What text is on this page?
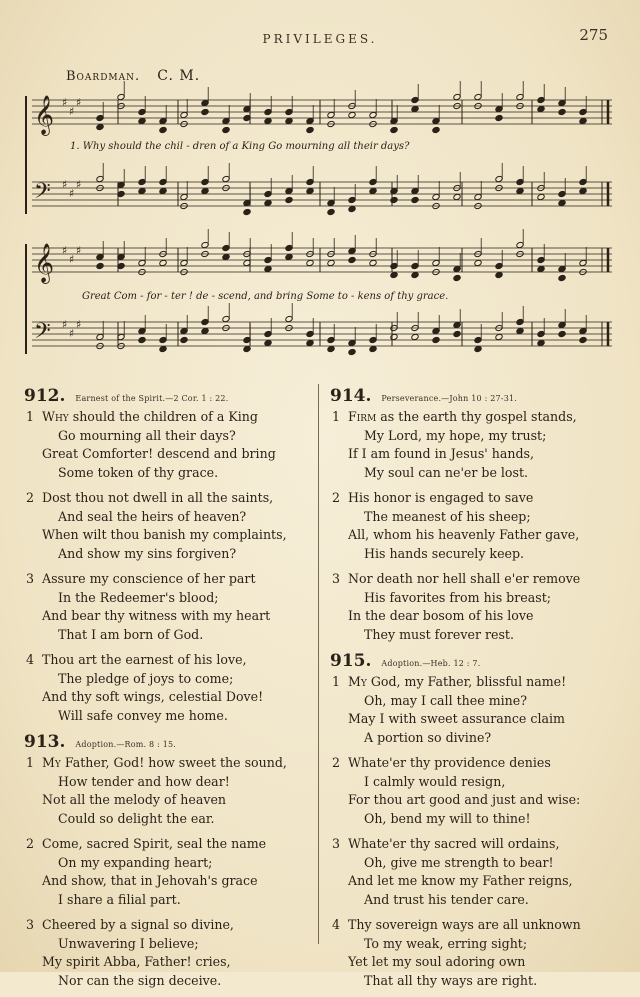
PRIVILEGES.	275
Boardman. C. M.
𝄞 ♯
♯
♯
𝄢 ♯
♯
♯
𝄞 ♯
♯
♯
𝄢 ♯
♯
♯
1. Why should the chil - dren of a King Go mourning all their days?
Great Com - for - ter ! de - scend, and bring Some to - kens of thy grace.
912. Earnest of the Spirit.—2 Cor. 1 : 22.
1 Why should the children of a King
Go mourning all their days?
Great Comforter! descend and bring
Some token of thy grace.
2 Dost thou not dwell in all the saints,
And seal the heirs of heaven?
When wilt thou banish my complaints,
And show my sins forgiven?
3 Assure my conscience of her part
In the Redeemer's blood;
And bear thy witness with my heart
That I am born of God.
4 Thou art the earnest of his love,
The pledge of joys to come;
And thy soft wings, celestial Dove!
Will safe convey me home.
913. Adoption.—Rom. 8 : 15.
1 My Father, God! how sweet the sound,
How tender and how dear!
Not all the melody of heaven
Could so delight the ear.
2 Come, sacred Spirit, seal the name
On my expanding heart;
And show, that in Jehovah's grace
I share a filial part.
3 Cheered by a signal so divine,
Unwavering I believe;
My spirit Abba, Father! cries,
Nor can the sign deceive.
914. Perseverance.—John 10 : 27-31.
1 Firm as the earth thy gospel stands,
My Lord, my hope, my trust;
If I am found in Jesus' hands,
My soul can ne'er be lost.
2 His honor is engaged to save
The meanest of his sheep;
All, whom his heavenly Father gave,
His hands securely keep.
3 Nor death nor hell shall e'er remove
His favorites from his breast;
In the dear bosom of his love
They must forever rest.
915. Adoption.—Heb. 12 : 7.
1 My God, my Father, blissful name!
Oh, may I call thee mine?
May I with sweet assurance claim
A portion so divine?
2 Whate'er thy providence denies
I calmly would resign,
For thou art good and just and wise:
Oh, bend my will to thine!
3 Whate'er thy sacred will ordains,
Oh, give me strength to bear!
And let me know my Father reigns,
And trust his tender care.
4 Thy sovereign ways are all unknown
To my weak, erring sight;
Yet let my soul adoring own
That all thy ways are right.
